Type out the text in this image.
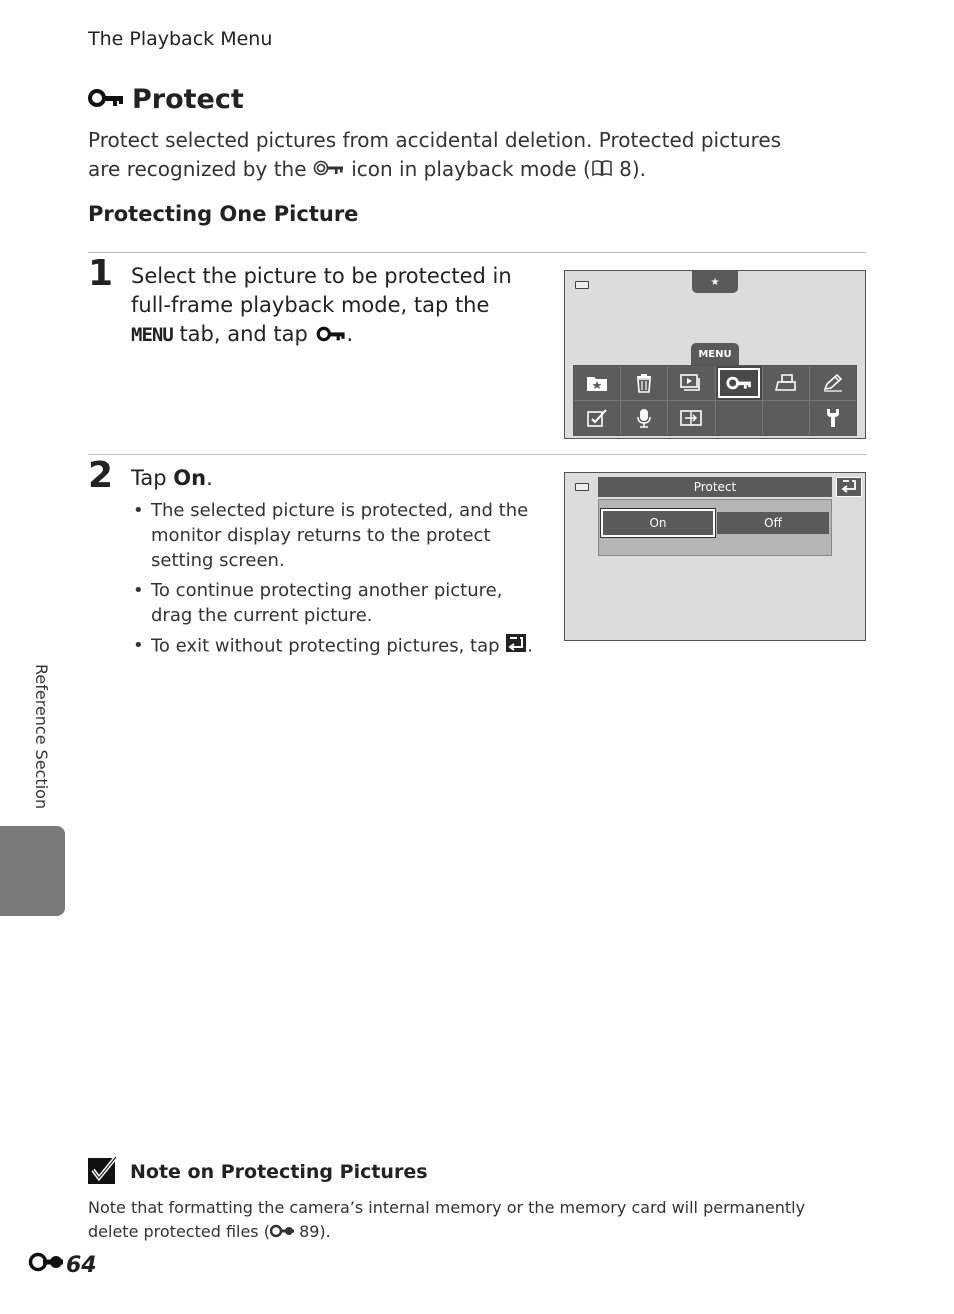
The Playback Menu
Protect
Protect selected pictures from accidental deletion. Protected pictures are recognized by the icon in playback mode ( 8).
Protecting One Picture
1 Select the picture to be protected in full-frame playback mode, tap the MENU tab, and tap .
★
MENU
2 Tap On.
• The selected picture is protected, and the monitor display returns to the protect setting screen.
• To continue protecting another picture, drag the current picture.
• To exit without protecting pictures, tap .
Protect
On	Off
Reference Section
Note on Protecting Pictures
Note that formatting the camera’s internal memory or the memory card will permanently delete protected files ( 89).
64
